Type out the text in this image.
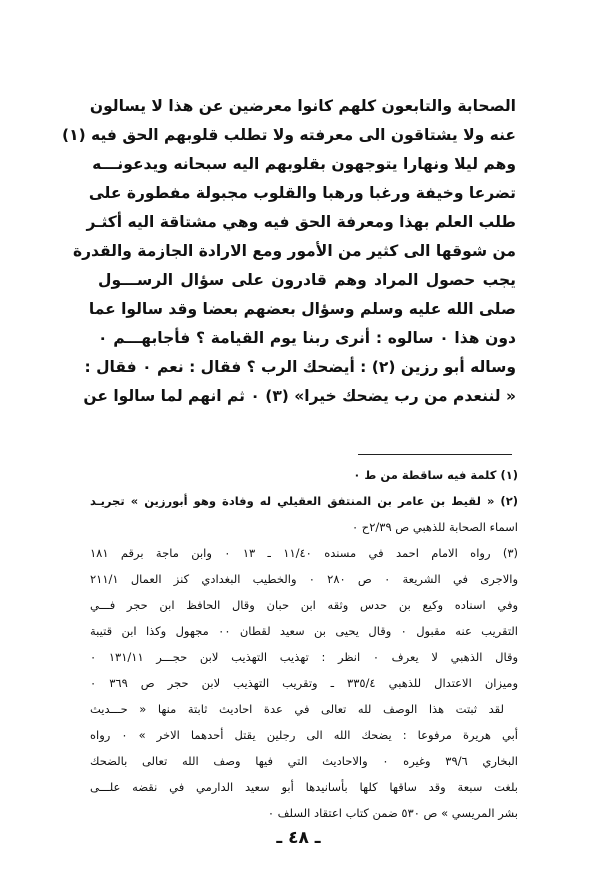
الصحابة والتابعون كلهم كانوا معرضين عن هذا لا يسالون
عنه ولا يشتاقون الى معرفته ولا تطلب قلوبهم الحق فيه (١)
وهم ليلا ونهارا يتوجهون بقلوبهم اليه سبحانه ويدعونـــه
تضرعا وخيفة ورغبا ورهبا والقلوب مجبولة مفطورة على
طلب العلم بهذا ومعرفة الحق فيه وهي مشتاقة اليه أكثـر
من شوقها الى كثير من الأمور ومع الارادة الجازمة والقدرة
يجب حصول المراد وهم قادرون على سؤال الرســـول
صلى الله عليه وسلم وسؤال بعضهم بعضا وقد سالوا عما
دون هذا ٠ سالوه : أنرى ربنا يوم القيامة ؟ فأجابهـــم ٠
وساله أبو رزين (٢) : أيضحك الرب ؟ فقال : نعم ٠ فقال :
« لن‍نعدم من رب يضحك خيرا» (٣) ٠ ثم انهم لما سالوا عن
(١) كلمة فيه ساقطة من ط ٠
(٢) « لقيط بن عامر بن المنتفق العقيلي له وفادة وهو أبورزين » تجريـد
اسماء الصحابة للذهبي ص ٢/٣٩ح ٠
(٣) رواه الامام احمد في مسنده ١١/٤٠ ـ ١٣ ٠ وابن ماجة برقم ١٨١
والاجرى في الشريعة ٠ ص ٢٨٠ ٠ والخطيب البغدادي كنز العمال ٢١١/١
وفي اسناده وكيع بن حدس وثقه ابن حبان وقال الحافظ ابن حجر فـــي
التقريب عنه مقبول ٠ وقال يحيى بن سعيد لقطان ٠٠ مجهول وكذا ابن قتيبة
وقال الذهبي لا يعرف ٠ انظر : تهذيب التهذيب لابن حجـــر ١٣١/١١ ٠
وميزان الاعتدال للذهبي ٣٣٥/٤ ـ وتقريب التهذيب لابن حجر ص ٣٦٩ ٠
لقد ثبتت هذا الوصف لله تعالى في عدة احاديث ثابتة منها « حـــديث
أبي هريرة مرفوعا : يضحك الله الى رجلين يقتل أحدهما الاخر » ٠ رواه
البخاري ٣٩/٦ وغيره ٠ والاحاديث التي فيها وصف الله تعالى بالضحك
بلغت سبعة وقد ساقها كلها بأسانيدها أبو سعيد الدارمي في نقضه علـــى
بشر المريسي » ص ٥٣٠ ضمن كتاب اعتقاد السلف ٠
ـ ٤٨ ـ
